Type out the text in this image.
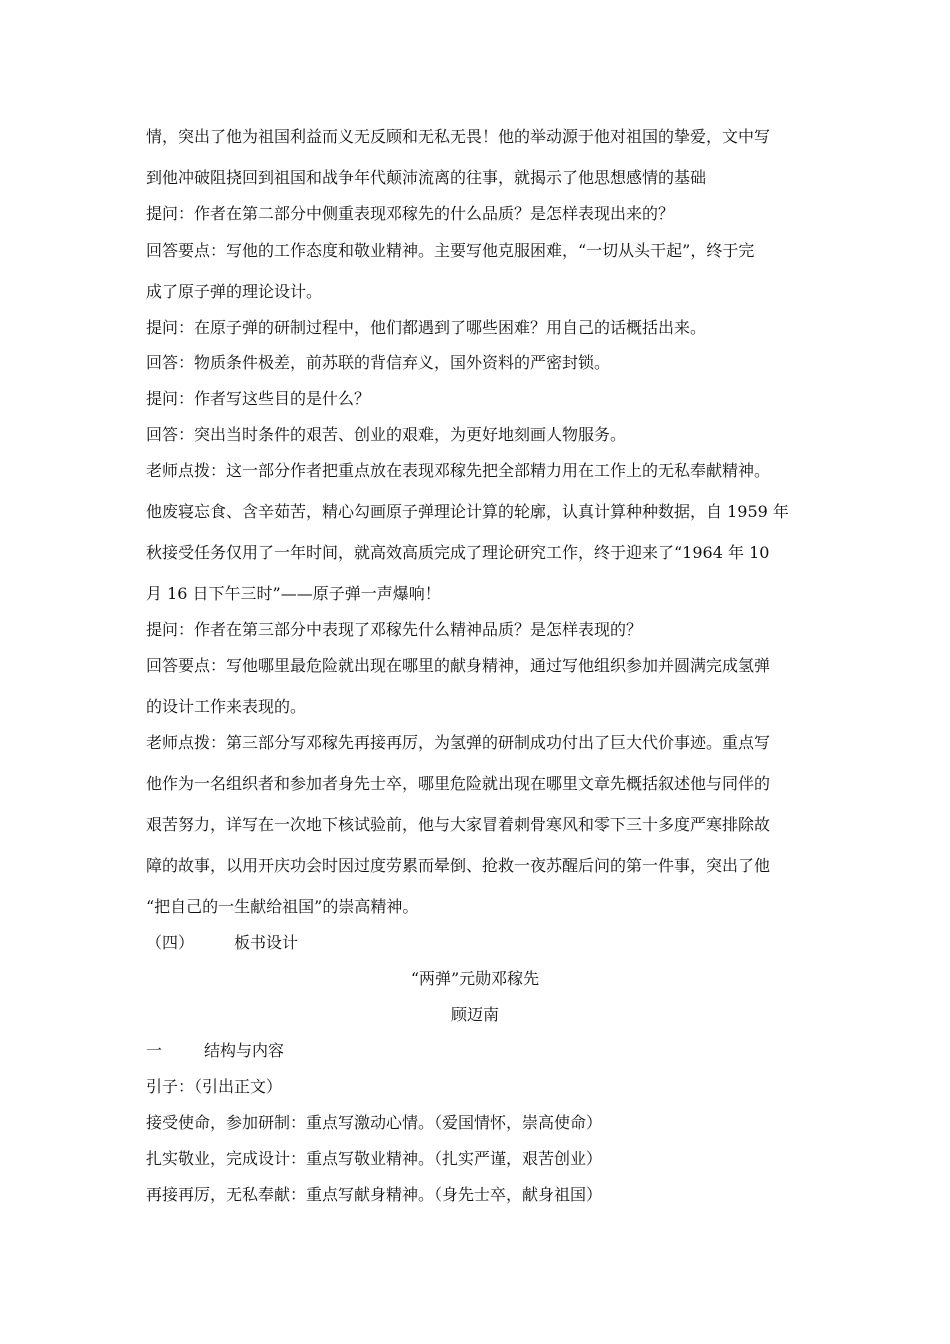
情，突出了他为祖国利益而义无反顾和无私无畏！他的举动源于他对祖国的挚爱，文中写
到他冲破阻挠回到祖国和战争年代颠沛流离的往事，就揭示了他思想感情的基础
提问：作者在第二部分中侧重表现邓稼先的什么品质？是怎样表现出来的？
回答要点：写他的工作态度和敬业精神。主要写他克服困难，“一切从头干起”，终于完
成了原子弹的理论设计。
提问：在原子弹的研制过程中，他们都遇到了哪些困难？用自己的话概括出来。
回答：物质条件极差，前苏联的背信弃义，国外资料的严密封锁。
提问：作者写这些目的是什么？
回答：突出当时条件的艰苦、创业的艰难，为更好地刻画人物服务。
老师点拨：这一部分作者把重点放在表现邓稼先把全部精力用在工作上的无私奉献精神。
他废寝忘食、含辛茹苦，精心勾画原子弹理论计算的轮廓，认真计算种种数据，自 1959 年
秋接受任务仅用了一年时间，就高效高质完成了理论研究工作，终于迎来了“1964 年 10
月 16 日下午三时”——原子弹一声爆响！
提问：作者在第三部分中表现了邓稼先什么精神品质？是怎样表现的？
回答要点：写他哪里最危险就出现在哪里的献身精神，通过写他组织参加并圆满完成氢弹
的设计工作来表现的。
老师点拨：第三部分写邓稼先再接再厉，为氢弹的研制成功付出了巨大代价事迹。重点写
他作为一名组织者和参加者身先士卒，哪里危险就出现在哪里文章先概括叙述他与同伴的
艰苦努力，详写在一次地下核试验前，他与大家冒着刺骨寒风和零下三十多度严寒排除故
障的故事，以用开庆功会时因过度劳累而晕倒、抢救一夜苏醒后问的第一件事，突出了他
“把自己的一生献给祖国”的崇高精神。
（四） 板书设计
“两弹”元勋邓稼先
顾迈南
一	结构与内容
引子：（引出正文）
接受使命，参加研制：重点写激动心情。（爱国情怀，崇高使命）
扎实敬业，完成设计：重点写敬业精神。（扎实严谨，艰苦创业）
再接再厉，无私奉献：重点写献身精神。（身先士卒，献身祖国）
